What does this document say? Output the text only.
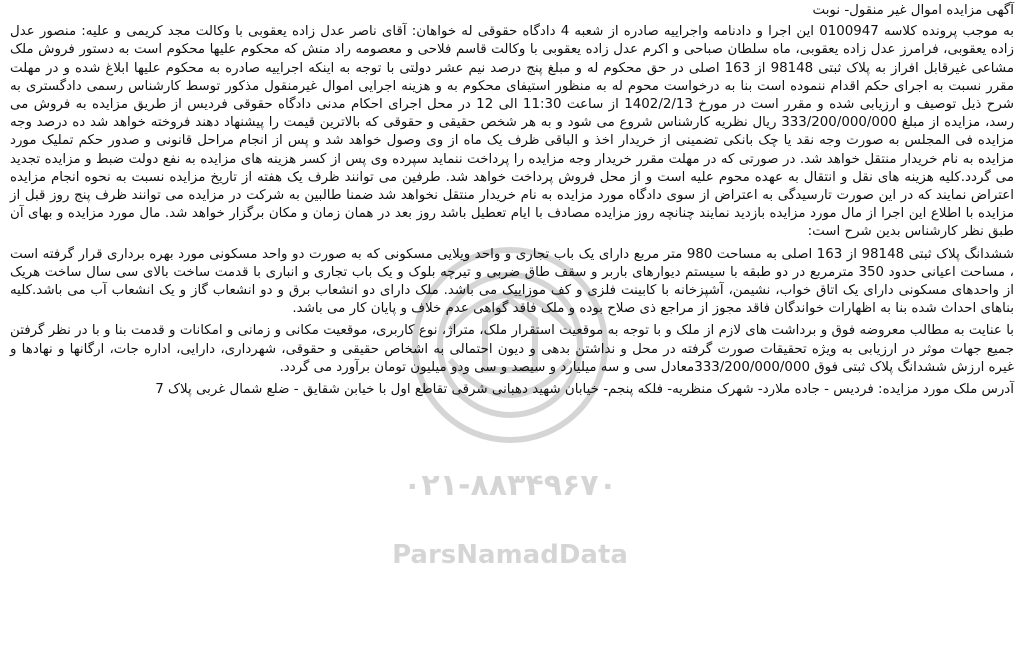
آگهی مزایده اموال غیر منقول- نوبت

به موجب پرونده کلاسه 0100947 این اجرا و دادنامه واجراییه صادره از شعبه 4 دادگاه حقوقی له خواهان: آقای ناصر عدل زاده یعقوبی با وکالت مجد کریمی و علیه: منصور عدل زاده یعقوبی، فرامرز عدل زاده یعقوبی، ماه سلطان صباحی و اکرم عدل زاده یعقوبی با وکالت قاسم فلاحی و معصومه راد منش که محکوم علیها محکوم است به دستور فروش ملک مشاعی غیرقابل افراز به پلاک ثبتی 98148 از 163 اصلی در حق محکوم له و مبلغ پنج درصد نیم عشر دولتی با توجه به اینکه اجراییه صادره به محکوم علیها ابلاغ شده و در مهلت مقرر نسبت به اجرای حکم اقدام ننموده است بنا به درخواست محوم له به منظور استیفای محکوم به و هزینه اجرایی اموال غیرمنقول مذکور توسط کارشناس رسمی دادگستری به شرح ذیل توصیف و ارزیابی شده و مقرر است در مورخ 1402/2/13 از ساعت 11:30 الی 12 در محل اجرای احکام مدنی دادگاه حقوقی فردیس از طریق مزایده به فروش می رسد، مزایده از مبلغ 333/200/000/000 ریال نظریه کارشناس شروع می شود و به هر شخص حقیقی و حقوقی که بالاترین قیمت را پیشنهاد دهند فروخته خواهد شد ده درصد وجه مزایده فی المجلس به صورت وجه نقد یا چک بانکی تضمینی از خریدار اخذ و الباقی ظرف یک ماه از وی وصول خواهد شد و پس از انجام مراحل قانونی و صدور حکم تملیک مورد مزایده به نام خریدار منتقل خواهد شد. در صورتی که در مهلت مقرر خریدار وجه مزایده را پرداخت ننماید سپرده وی پس از کسر هزینه های مزایده به نفع دولت ضبط و مزایده تجدید می گردد.کلیه هزینه های نقل و انتقال به عهده محوم علیه است و از محل فروش پرداخت خواهد شد. طرفین می توانند ظرف یک هفته از تاریخ مزایده نسبت به نحوه انجام مزایده اعتراض نمایند که در این صورت تارسیدگی به اعتراض از سوی دادگاه مورد مزایده به نام خریدار منتقل نخواهد شد ضمنا طالبین به شرکت در مزایده می توانند ظرف پنج روز قبل از مزایده با اطلاع این اجرا از مال مورد مزایده بازدید نمایند چنانچه روز مزایده مصادف با ایام تعطیل باشد روز بعد در همان زمان و مکان برگزار خواهد شد. مال مورد مزایده و بهای آن طبق نظر کارشناس بدین شرح است:

ششدانگ پلاک ثبتی 98148 از 163 اصلی به مساحت 980 متر مربع دارای یک باب تجاری و واحد ویلایی مسکونی که به صورت دو واحد مسکونی مورد بهره برداری قرار گرفته است ، مساحت اعیانی حدود 350 مترمربع در دو طبقه با سیستم دیوارهای باربر و سقف طاق ضربی و تیرچه بلوک و یک باب تجاری و انباری با قدمت ساخت بالای سی سال ساخت هریک از واحدهای مسکونی دارای یک اتاق خواب، نشیمن، آشپزخانه با کابینت فلزی و کف موزاییک می باشد. ملک دارای دو انشعاب برق و دو انشعاب گاز و یک انشعاب آب می باشد.کلیه بناهای احداث شده بنا به اظهارات خواندگان فاقد مجوز از مراجع ذی صلاح بوده و ملک فاقد گواهی عدم خلاف و پایان کار می باشد.

با عنایت به مطالب معروضه فوق و برداشت های لازم از ملک و با توجه به موقعیت استقرار ملک، متراژ، نوع کاربری، موقعیت مکانی و زمانی و امکانات و قدمت بنا و با در نظر گرفتن جمیع جهات موثر در ارزیابی به ویژه تحقیقات صورت گرفته در محل و نداشتن بدهی و دیون احتمالی به اشخاص حقیقی و حقوقی، شهرداری، دارایی، اداره جات، ارگانها و نهادها و غیره ارزش ششدانگ پلاک ثبتی فوق 333/200/000/000معادل سی و سه میلیارد و سیصد و سی ودو میلیون تومان برآورد می گردد.

آدرس ملک مورد مزایده: فردیس - جاده ملارد- شهرک منظریه- فلکه پنجم- خیابان شهید دهبانی شرقی تقاطع اول با خیابن شقایق - ضلع شمال غربی پلاک 7

۰۲۱-۸۸۳۴۹۶۷۰
ParsNamadData
